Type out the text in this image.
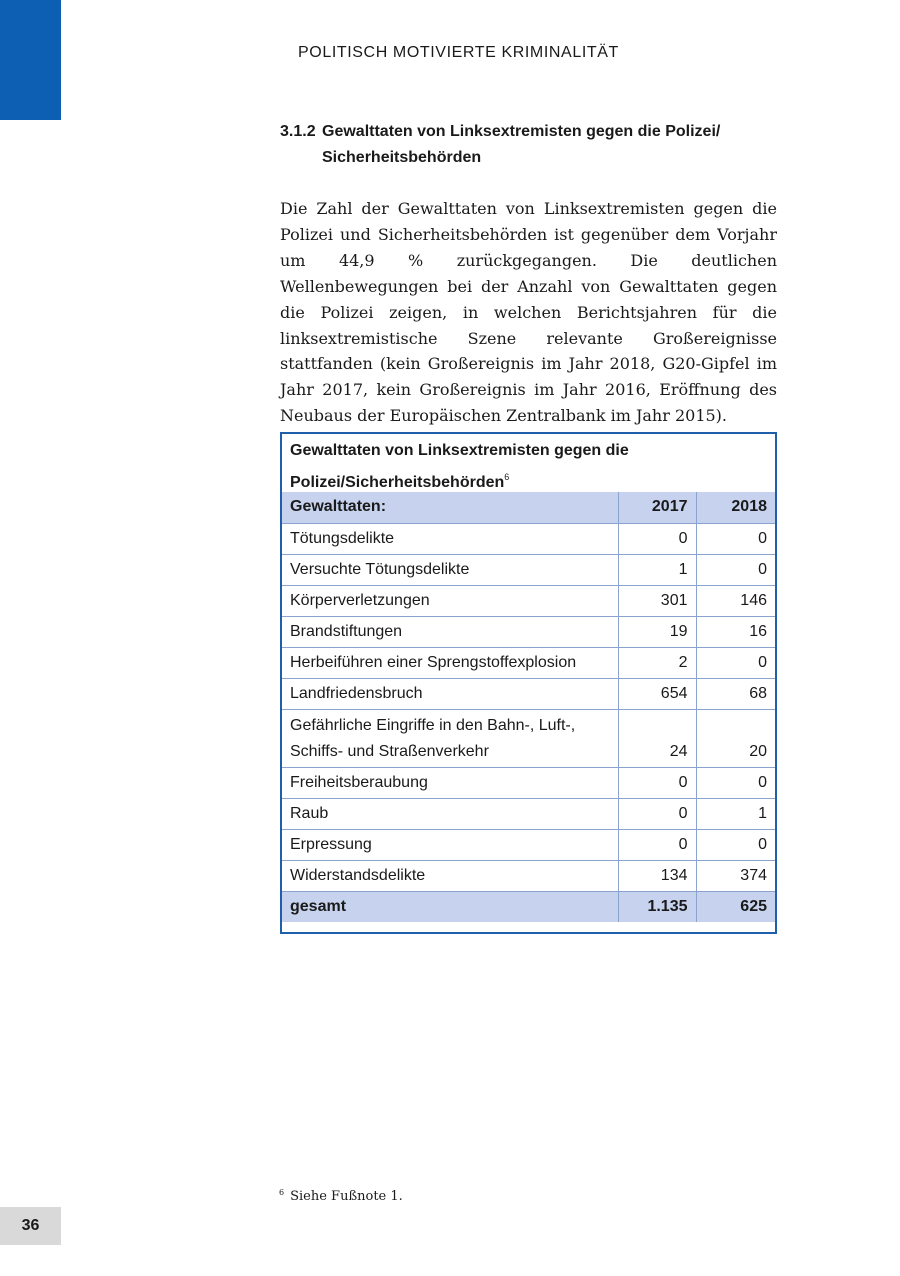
POLITISCH MOTIVIERTE KRIMINALITÄT
3.1.2 Gewalttaten von Linksextremisten gegen die Polizei/
Sicherheitsbehörden

Die Zahl der Gewalttaten von Linksextremisten gegen die Polizei und Sicherheitsbehörden ist gegenüber dem Vorjahr um 44,9 % zurückgegangen. Die deutlichen Wellenbewegungen bei der Anzahl von Gewalttaten gegen die Polizei zeigen, in welchen Berichtsjahren für die linksextremistische Szene relevante Großereignisse stattfanden (kein Großereignis im Jahr 2018, G20-Gipfel im Jahr 2017, kein Großereignis im Jahr 2016, Eröffnung des Neubaus der Europäischen Zentralbank im Jahr 2015).

Gewalttaten von Linksextremisten gegen die
Polizei/Sicherheitsbehörden$^6$
Gewalttaten:	2017	2018
Tötungsdelikte	0	0
Versuchte Tötungsdelikte	1	0
Körperverletzungen	301	146
Brandstiftungen	19	16
Herbeiführen einer Sprengstoffexplosion	2	0
Landfriedensbruch	654	68
Gefährliche Eingriffe in den Bahn-, Luft-,
Schiffs- und Straßenverkehr	24	20
Freiheitsberaubung	0	0
Raub	0	1
Erpressung	0	0
Widerstandsdelikte	134	374
gesamt	1.135	625
$^6$ Siehe Fußnote 1.
36
